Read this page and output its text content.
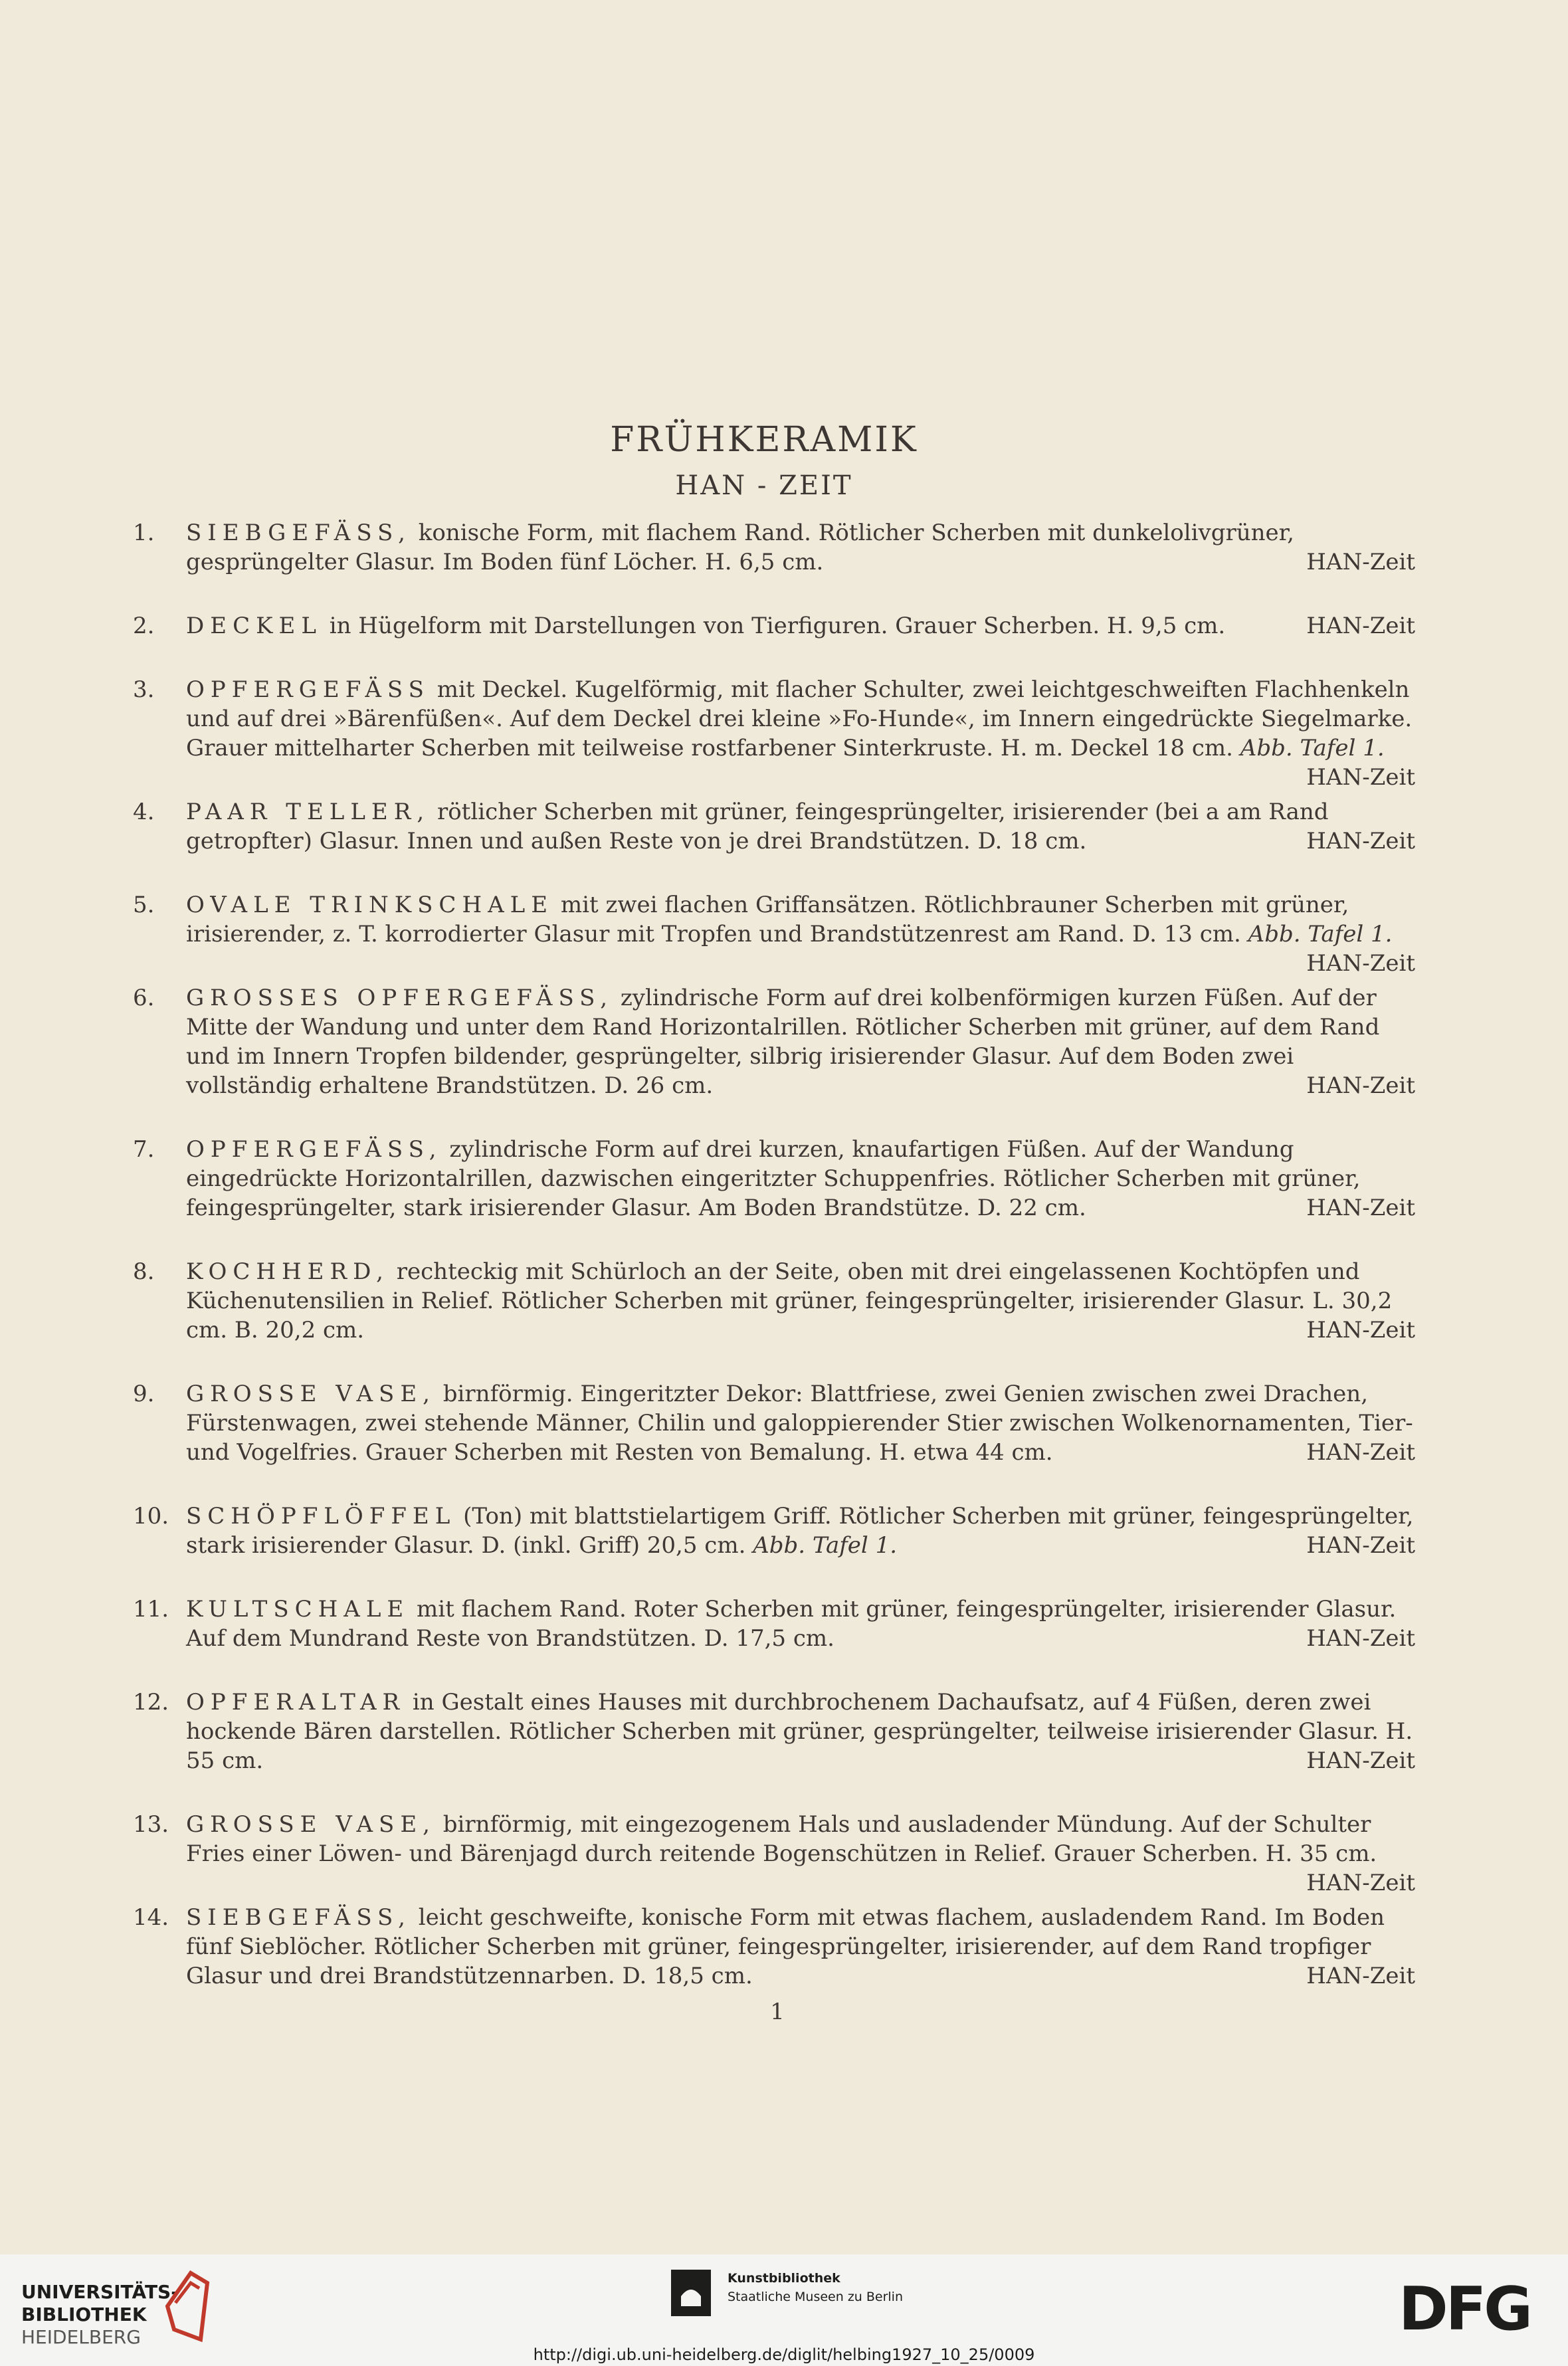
FRÜHKERAMIK
HAN - ZEIT
1. SIEBGEFÄSS, konische Form, mit flachem Rand. Rötlicher Scherben mit dunkelolivgrüner, gesprüngelter Glasur. Im Boden fünf Löcher. H. 6,5 cm.	HAN-Zeit
2. DECKEL in Hügelform mit Darstellungen von Tierfiguren. Grauer Scherben. H. 9,5 cm.	HAN-Zeit
3. OPFERGEFÄSS mit Deckel. Kugelförmig, mit flacher Schulter, zwei leichtgeschweiften Flachhenkeln und auf drei »Bärenfüßen«. Auf dem Deckel drei kleine »Fo-Hunde«, im Innern eingedrückte Siegelmarke. Grauer mittelharter Scherben mit teilweise rostfarbener Sinterkruste. H. m. Deckel 18 cm. Abb. Tafel 1.
HAN-Zeit
4. PAAR TELLER, rötlicher Scherben mit grüner, feingesprüngelter, irisierender (bei a am Rand getropfter) Glasur. Innen und außen Reste von je drei Brandstützen. D. 18 cm.	HAN-Zeit
5. OVALE TRINKSCHALE mit zwei flachen Griffansätzen. Rötlichbrauner Scherben mit grüner, irisierender, z. T. korrodierter Glasur mit Tropfen und Brandstützenrest am Rand. D. 13 cm. Abb. Tafel 1.
HAN-Zeit
6. GROSSES OPFERGEFÄSS, zylindrische Form auf drei kolbenförmigen kurzen Füßen. Auf der Mitte der Wandung und unter dem Rand Horizontalrillen. Rötlicher Scherben mit grüner, auf dem Rand und im Innern Tropfen bildender, gesprüngelter, silbrig irisierender Glasur. Auf dem Boden zwei vollständig erhaltene Brandstützen. D. 26 cm.	HAN-Zeit
7. OPFERGEFÄSS, zylindrische Form auf drei kurzen, knaufartigen Füßen. Auf der Wandung eingedrückte Horizontalrillen, dazwischen eingeritzter Schuppenfries. Rötlicher Scherben mit grüner, feingesprüngelter, stark irisierender Glasur. Am Boden Brandstütze. D. 22 cm.	HAN-Zeit
8. KOCHHERD, rechteckig mit Schürloch an der Seite, oben mit drei eingelassenen Kochtöpfen und Küchenutensilien in Relief. Rötlicher Scherben mit grüner, feingesprüngelter, irisierender Glasur. L. 30,2 cm. B. 20,2 cm.	HAN-Zeit
9. GROSSE VASE, birnförmig. Eingeritzter Dekor: Blattfriese, zwei Genien zwischen zwei Drachen, Fürstenwagen, zwei stehende Männer, Chilin und galoppierender Stier zwischen Wolkenornamenten, Tier- und Vogelfries. Grauer Scherben mit Resten von Bemalung. H. etwa 44 cm.	HAN-Zeit
10. SCHÖPFLÖFFEL (Ton) mit blattstielartigem Griff. Rötlicher Scherben mit grüner, feingesprüngelter, stark irisierender Glasur. D. (inkl. Griff) 20,5 cm. Abb. Tafel 1.	HAN-Zeit
11. KULTSCHALE mit flachem Rand. Roter Scherben mit grüner, feingesprüngelter, irisierender Glasur. Auf dem Mundrand Reste von Brandstützen. D. 17,5 cm.	HAN-Zeit
12. OPFERALTAR in Gestalt eines Hauses mit durchbrochenem Dachaufsatz, auf 4 Füßen, deren zwei hockende Bären darstellen. Rötlicher Scherben mit grüner, gesprüngelter, teilweise irisierender Glasur. H. 55 cm.	HAN-Zeit
13. GROSSE VASE, birnförmig, mit eingezogenem Hals und ausladender Mündung. Auf der Schulter Fries einer Löwen- und Bärenjagd durch reitende Bogenschützen in Relief. Grauer Scherben. H. 35 cm.
HAN-Zeit
14. SIEBGEFÄSS, leicht geschweifte, konische Form mit etwas flachem, ausladendem Rand. Im Boden fünf Sieblöcher. Rötlicher Scherben mit grüner, feingesprüngelter, irisierender, auf dem Rand tropfiger Glasur und drei Brandstützennarben. D. 18,5 cm.	HAN-Zeit
1
UNIVERSITÄTS-
BIBLIOTHEK
HEIDELBERG
Kunstbibliothek
Staatliche Museen zu Berlin	DFG
http://digi.ub.uni-heidelberg.de/diglit/helbing1927_10_25/0009
